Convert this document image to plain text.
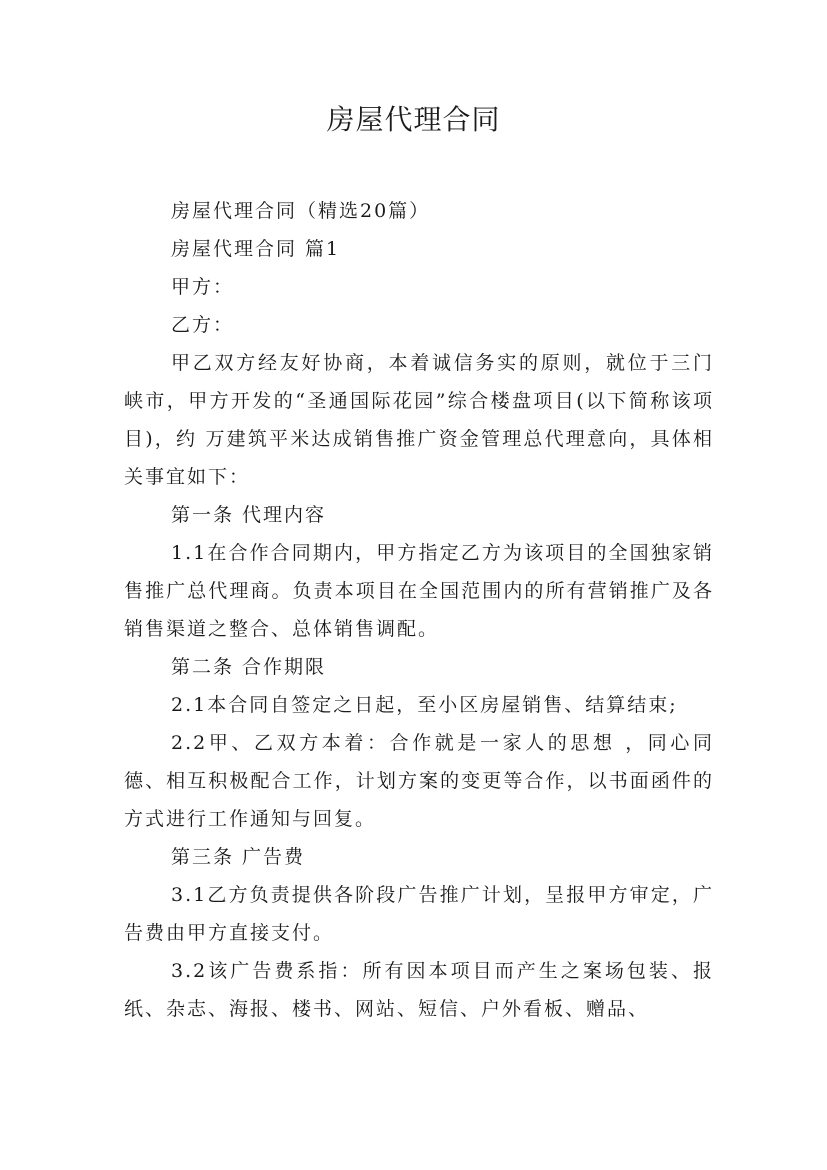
房屋代理合同

房屋代理合同（精选20篇）

房屋代理合同 篇1

甲方：

乙方：

甲乙双方经友好协商，本着诚信务实的原则，就位于三门峡市，甲方开发的“圣通国际花园”综合楼盘项目(以下简称该项目)，约 万建筑平米达成销售推广资金管理总代理意向，具体相关事宜如下：

第一条 代理内容

1.1在合作合同期内，甲方指定乙方为该项目的全国独家销售推广总代理商。负责本项目在全国范围内的所有营销推广及各销售渠道之整合、总体销售调配。

第二条 合作期限

2.1本合同自签定之日起，至小区房屋销售、结算结束;

2.2甲、乙双方本着：合作就是一家人的思想 ，同心同德、相互积极配合工作，计划方案的变更等合作，以书面函件的方式进行工作通知与回复。

第三条 广告费

3.1乙方负责提供各阶段广告推广计划，呈报甲方审定，广告费由甲方直接支付。

3.2该广告费系指：所有因本项目而产生之案场包装、报纸、杂志、海报、楼书、网站、短信、户外看板、赠品、
